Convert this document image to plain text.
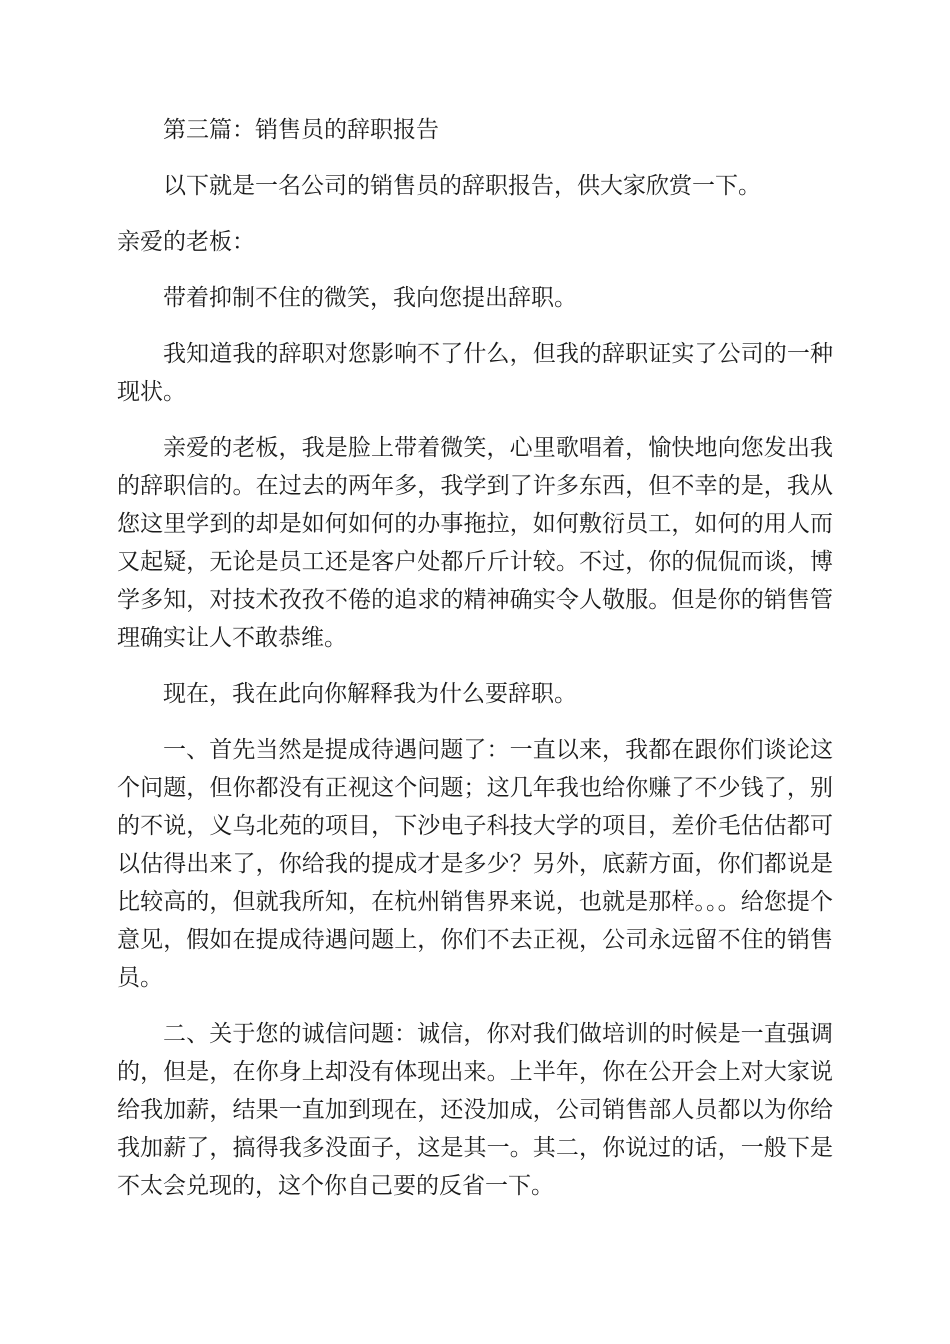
第三篇：销售员的辞职报告

以下就是一名公司的销售员的辞职报告，供大家欣赏一下。

亲爱的老板：

带着抑制不住的微笑，我向您提出辞职。

我知道我的辞职对您影响不了什么，但我的辞职证实了公司的一种现状。

亲爱的老板，我是脸上带着微笑，心里歌唱着，愉快地向您发出我的辞职信的。在过去的两年多，我学到了许多东西，但不幸的是，我从您这里学到的却是如何如何的办事拖拉，如何敷衍员工，如何的用人而又起疑，无论是员工还是客户处都斤斤计较。不过，你的侃侃而谈，博学多知，对技术孜孜不倦的追求的精神确实令人敬服。但是你的销售管理确实让人不敢恭维。

现在，我在此向你解释我为什么要辞职。

一、首先当然是提成待遇问题了：一直以来，我都在跟你们谈论这个问题，但你都没有正视这个问题；这几年我也给你赚了不少钱了，别的不说，义乌北苑的项目，下沙电子科技大学的项目，差价毛估估都可以估得出来了，你给我的提成才是多少？另外，底薪方面，你们都说是比较高的，但就我所知，在杭州销售界来说，也就是那样。。。给您提个意见，假如在提成待遇问题上，你们不去正视，公司永远留不住的销售员。

二、关于您的诚信问题：诚信，你对我们做培训的时候是一直强调的，但是，在你身上却没有体现出来。上半年，你在公开会上对大家说给我加薪，结果一直加到现在，还没加成，公司销售部人员都以为你给我加薪了，搞得我多没面子，这是其一。其二，你说过的话，一般下是不太会兑现的，这个你自己要的反省一下。
